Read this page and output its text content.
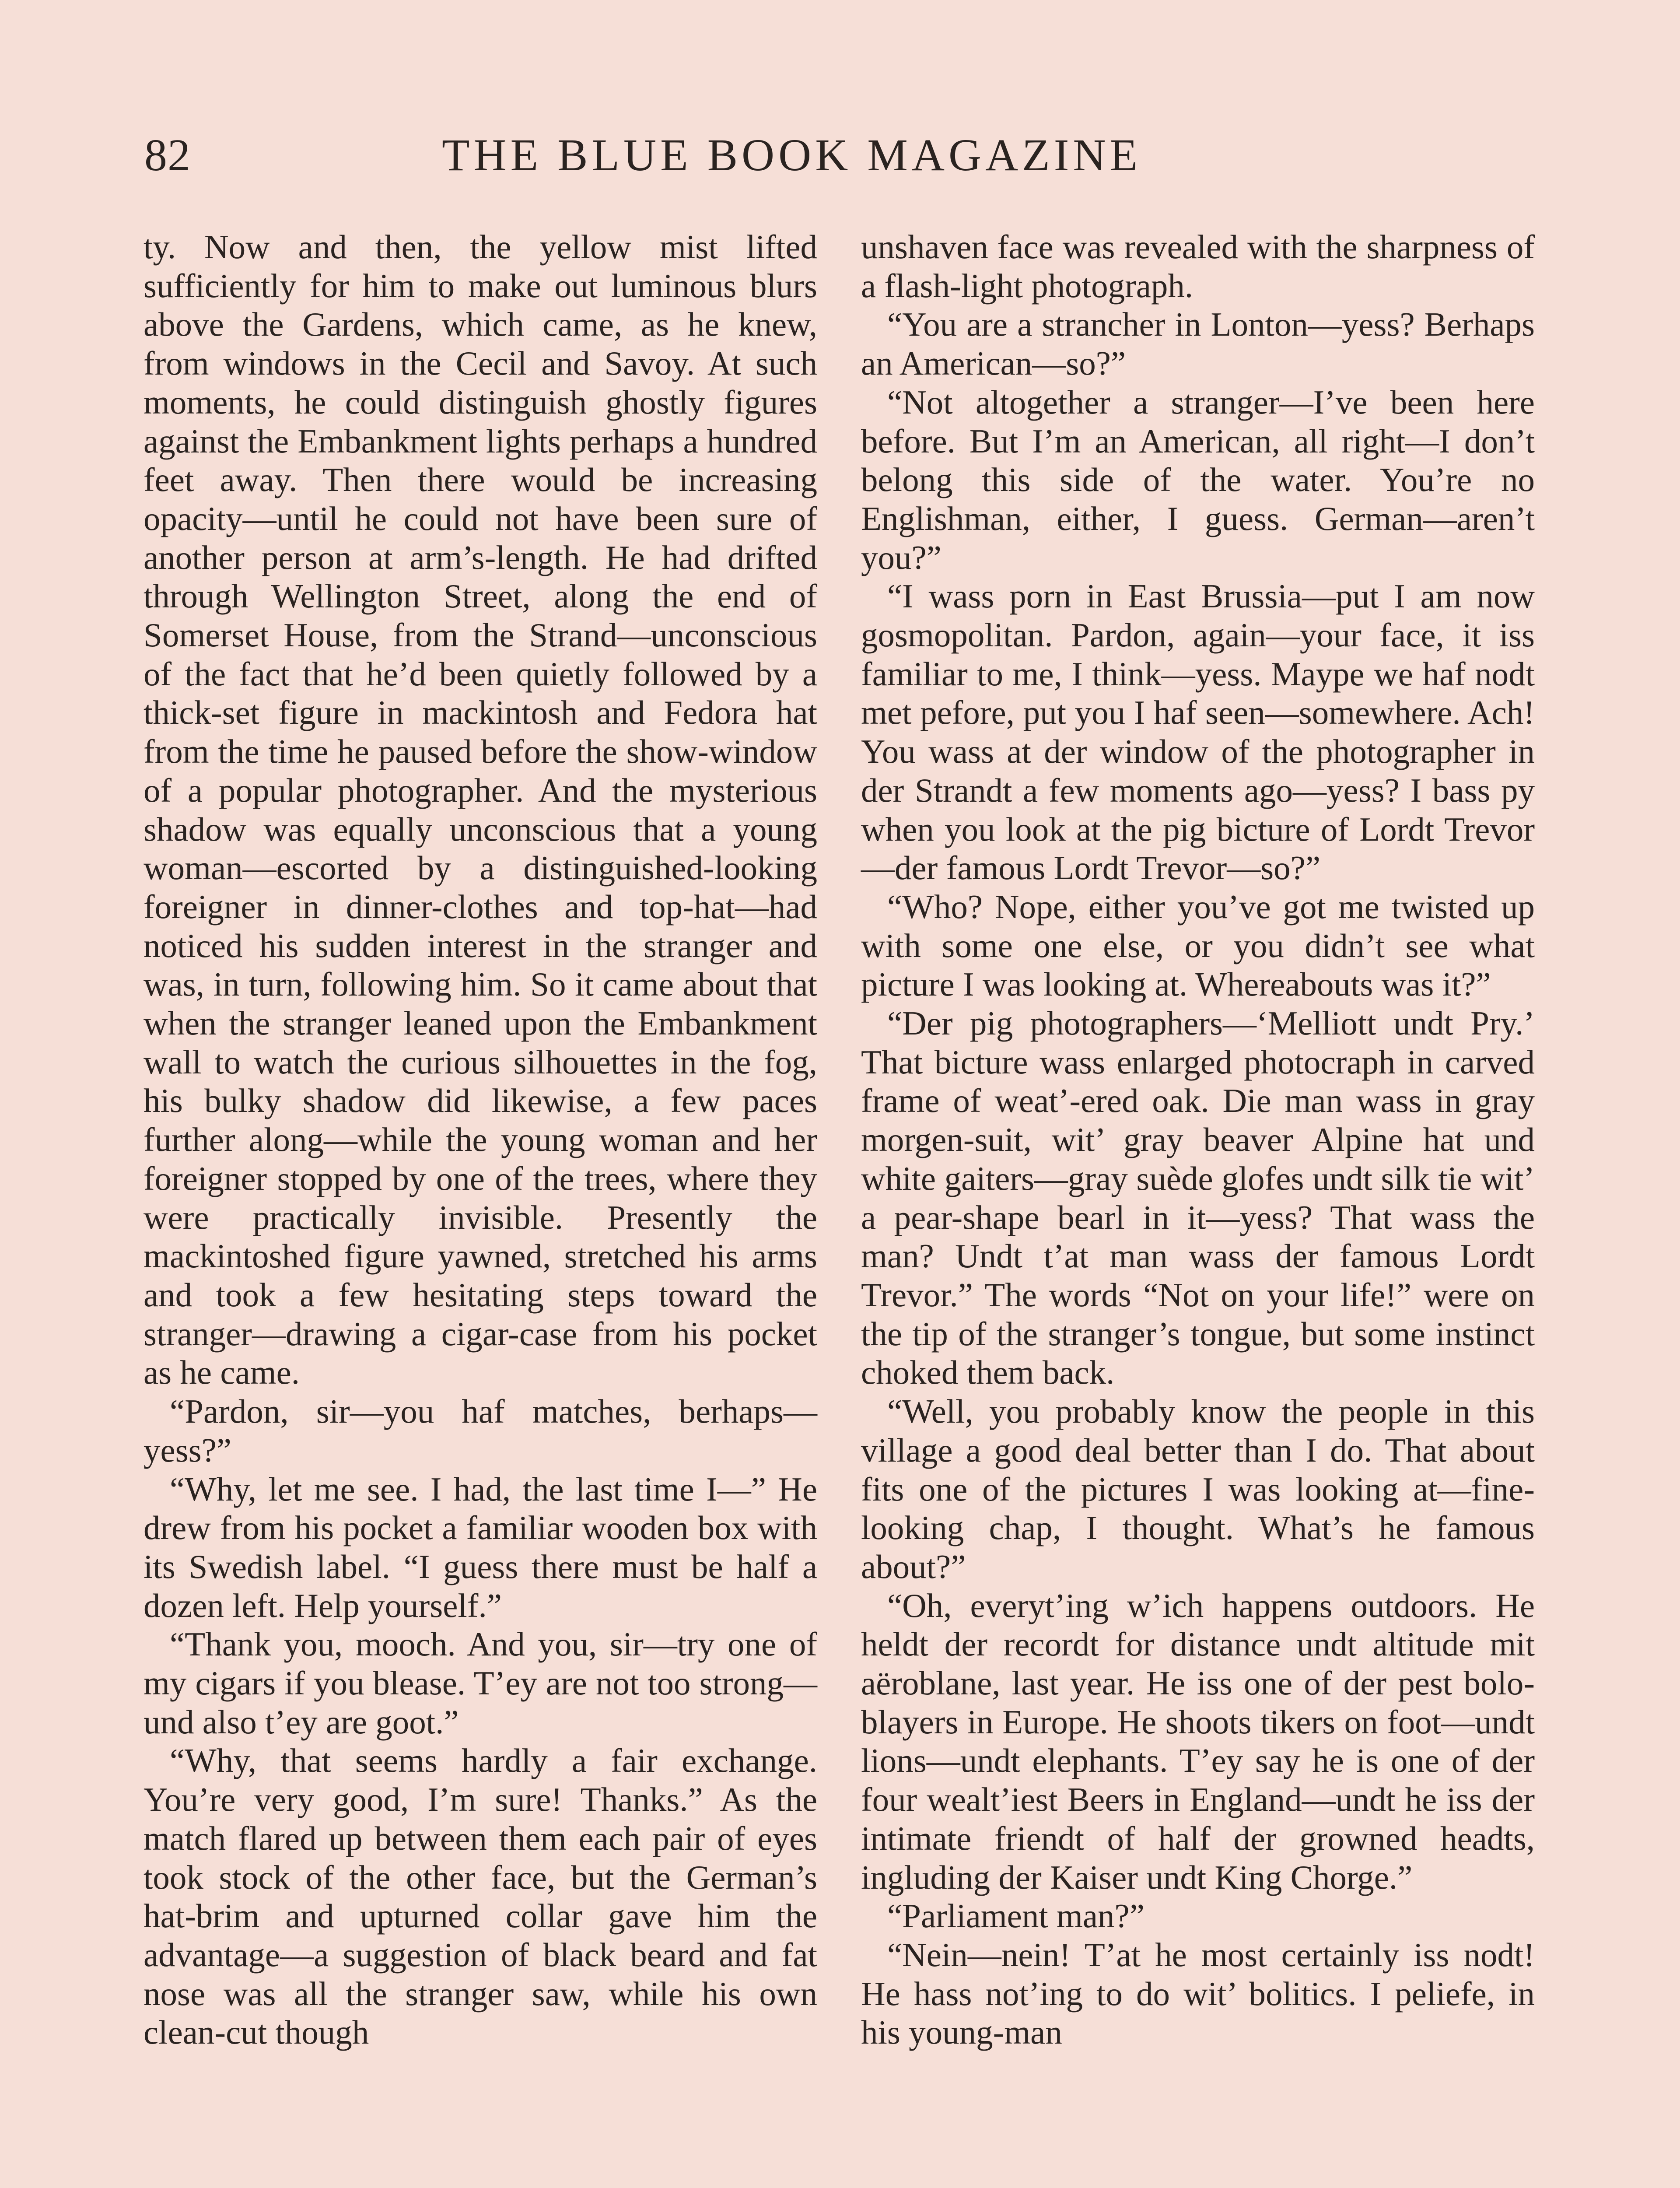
82	THE BLUE BOOK MAGAZINE

ty. Now and then, the yellow mist lifted sufficiently for him to make out luminous blurs above the Gardens, which came, as he knew, from windows in the Cecil and Savoy. At such moments, he could distinguish ghostly figures against the Embankment lights perhaps a hundred feet away. Then there would be increasing opacity—until he could not have been sure of another person at arm’s-length. He had drifted through Wellington Street, along the end of Somerset House, from the Strand—unconscious of the fact that he’d been quietly followed by a thick-set figure in mackintosh and Fedora hat from the time he paused before the show-window of a popular photographer. And the mysterious shadow was equally unconscious that a young woman—escorted by a distinguished-looking foreigner in dinner-clothes and top-hat—had noticed his sudden interest in the stranger and was, in turn, following him. So it came about that when the stranger leaned upon the Embankment wall to watch the curious silhouettes in the fog, his bulky shadow did likewise, a few paces further along—while the young woman and her foreigner stopped by one of the trees, where they were practically invisible. Presently the mackintoshed figure yawned, stretched his arms and took a few hesitating steps toward the stranger—drawing a cigar-case from his pocket as he came.

“Pardon, sir—you haf matches, berhaps—yess?”

“Why, let me see. I had, the last time I—” He drew from his pocket a familiar wooden box with its Swedish label. “I guess there must be half a dozen left. Help yourself.”

“Thank you, mooch. And you, sir—try one of my cigars if you blease. T’ey are not too strong—und also t’ey are goot.”

“Why, that seems hardly a fair exchange. You’re very good, I’m sure! Thanks.” As the match flared up between them each pair of eyes took stock of the other face, but the German’s hat-brim and upturned collar gave him the advantage—a suggestion of black beard and fat nose was all the stranger saw, while his own clean-cut though

unshaven face was revealed with the sharpness of a flash-light photograph.

“You are a strancher in Lonton—yess? Berhaps an American—so?”

“Not altogether a stranger—I’ve been here before. But I’m an American, all right—I don’t belong this side of the water. You’re no Englishman, either, I guess. German—aren’t you?”

“I wass porn in East Brussia—put I am now gosmopolitan. Pardon, again—your face, it iss familiar to me, I think—yess. Maype we haf nodt met pefore, put you I haf seen—somewhere. Ach! You wass at der window of the photographer in der Strandt a few moments ago—yess? I bass py when you look at the pig bicture of Lordt Trevor—der famous Lordt Trevor—so?”

“Who? Nope, either you’ve got me twisted up with some one else, or you didn’t see what picture I was looking at. Whereabouts was it?”

“Der pig photographers—‘Melliott undt Pry.’ That bicture wass enlarged photocraph in carved frame of weat’-ered oak. Die man wass in gray morgen-suit, wit’ gray beaver Alpine hat und white gaiters—gray suède glofes undt silk tie wit’ a pear-shape bearl in it—yess? That wass the man? Undt t’at man wass der famous Lordt Trevor.” The words “Not on your life!” were on the tip of the stranger’s tongue, but some instinct choked them back.

“Well, you probably know the people in this village a good deal better than I do. That about fits one of the pictures I was looking at—fine-looking chap, I thought. What’s he famous about?”

“Oh, everyt’ing w’ich happens outdoors. He heldt der recordt for distance undt altitude mit aëroblane, last year. He iss one of der pest bolo-blayers in Europe. He shoots tikers on foot—undt lions—undt elephants. T’ey say he is one of der four wealt’iest Beers in England—undt he iss der intimate friendt of half der growned headts, ingluding der Kaiser undt King Chorge.”

“Parliament man?”

“Nein—nein! T’at he most certainly iss nodt! He hass not’ing to do wit’ bolitics. I peliefe, in his young-man
